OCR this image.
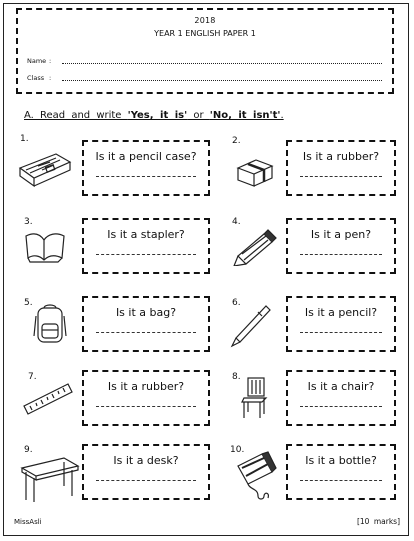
2018
YEAR 1 ENGLISH PAPER 1
Name :
Class :
A. Read and write 'Yes, it is' or 'No, it isn't'.
1.
Is it a pencil case?
2.
Is it a rubber?
3.
Is it a stapler?
4.
Is it a pen?
5.
Is it a bag?
6.
Is it a pencil?
7.
Is it a rubber?
8.
Is it a chair?
9.
Is it a desk?
10.
Is it a bottle?
MissAsli	[10 marks]
